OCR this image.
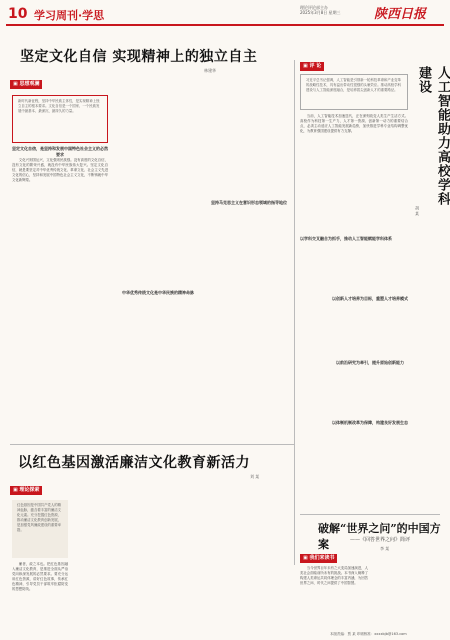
10 学习周刊·学思
理论评论部主办
2025年3月8日 星期三	陕西日报
坚定文化自信 实现精神上的独立自主
林建华
▣ 思想观澜
新时代新征程，坚持中华民族主体性，是实现精神上独立自主的根本要求。文化自信是一个国家、一个民族发展中最基本、最深沉、最持久的力量。
坚定文化自信，是坚持和发展中国特色社会主义的必然要求

文化兴则国运兴，文化强则民族强。没有高度的文化自信，没有文化的繁荣兴盛，就没有中华民族伟大复兴。坚定文化自信，就是要坚定对中华优秀传统文化、革命文化、社会主义先进文化的信心，坚持和发展中国特色社会主义文化，不断铸就中华文化新辉煌。

中华优秀传统文化是中华民族的精神命脉
坚持马克思主义在意识形态领域的指导地位
▣ 评 论
习近平总书记强调，人工智能是引领新一轮科技革命和产业变革的战略性技术，具有溢出带动性很强的头雁效应。推动高校学科建设与人工智能深度融合，是培养拔尖创新人才的重要路径。	人工智能助力高校学科建设
胡 某

当前，人工智能技术加速迭代，正在深刻改变人类生产生活方式。高校作为科技第一生产力、人才第一资源、创新第一动力的重要结合点，必须主动适应人工智能发展新趋势，加快推进学科专业结构调整优化，为教育强国建设提供有力支撑。

以学科交叉融合为抓手，推动人工智能赋能学科体系
以创新人才培养为目标，重塑人才培养模式
以前沿研究为牵引，提升原始创新能力
以体制机制改革为保障，构建良好发展生态
以红色基因激活廉洁文化教育新活力
刘 某
▣ 理论探索
红色基因是中国共产党人的精神血脉，蕴含着丰富的廉洁文化元素。充分挖掘红色资源，推动廉洁文化教育创新发展，是加强党风廉政建设的重要举措。

廉者，政之本也。把红色基因融入廉洁文化教育，是推进全面从严治党向纵深发展的必然要求。要充分运用红色资源，讲好红色故事，传承红色精神，引导党员干部筑牢拒腐防变的思想防线。

破解“世界之问”的中国方案	——《回答世界之问》简评
李 某
▣ 我们来读书

当今世界百年未有之大变局加速演进，人类社会面临前所未有的挑战。本书深入阐释了构建人类命运共同体理念的丰富内涵，为回答世界之问、时代之问提供了中国智慧。

本版责编：贾 某 印刷核准：xxxxbjb@163.com
